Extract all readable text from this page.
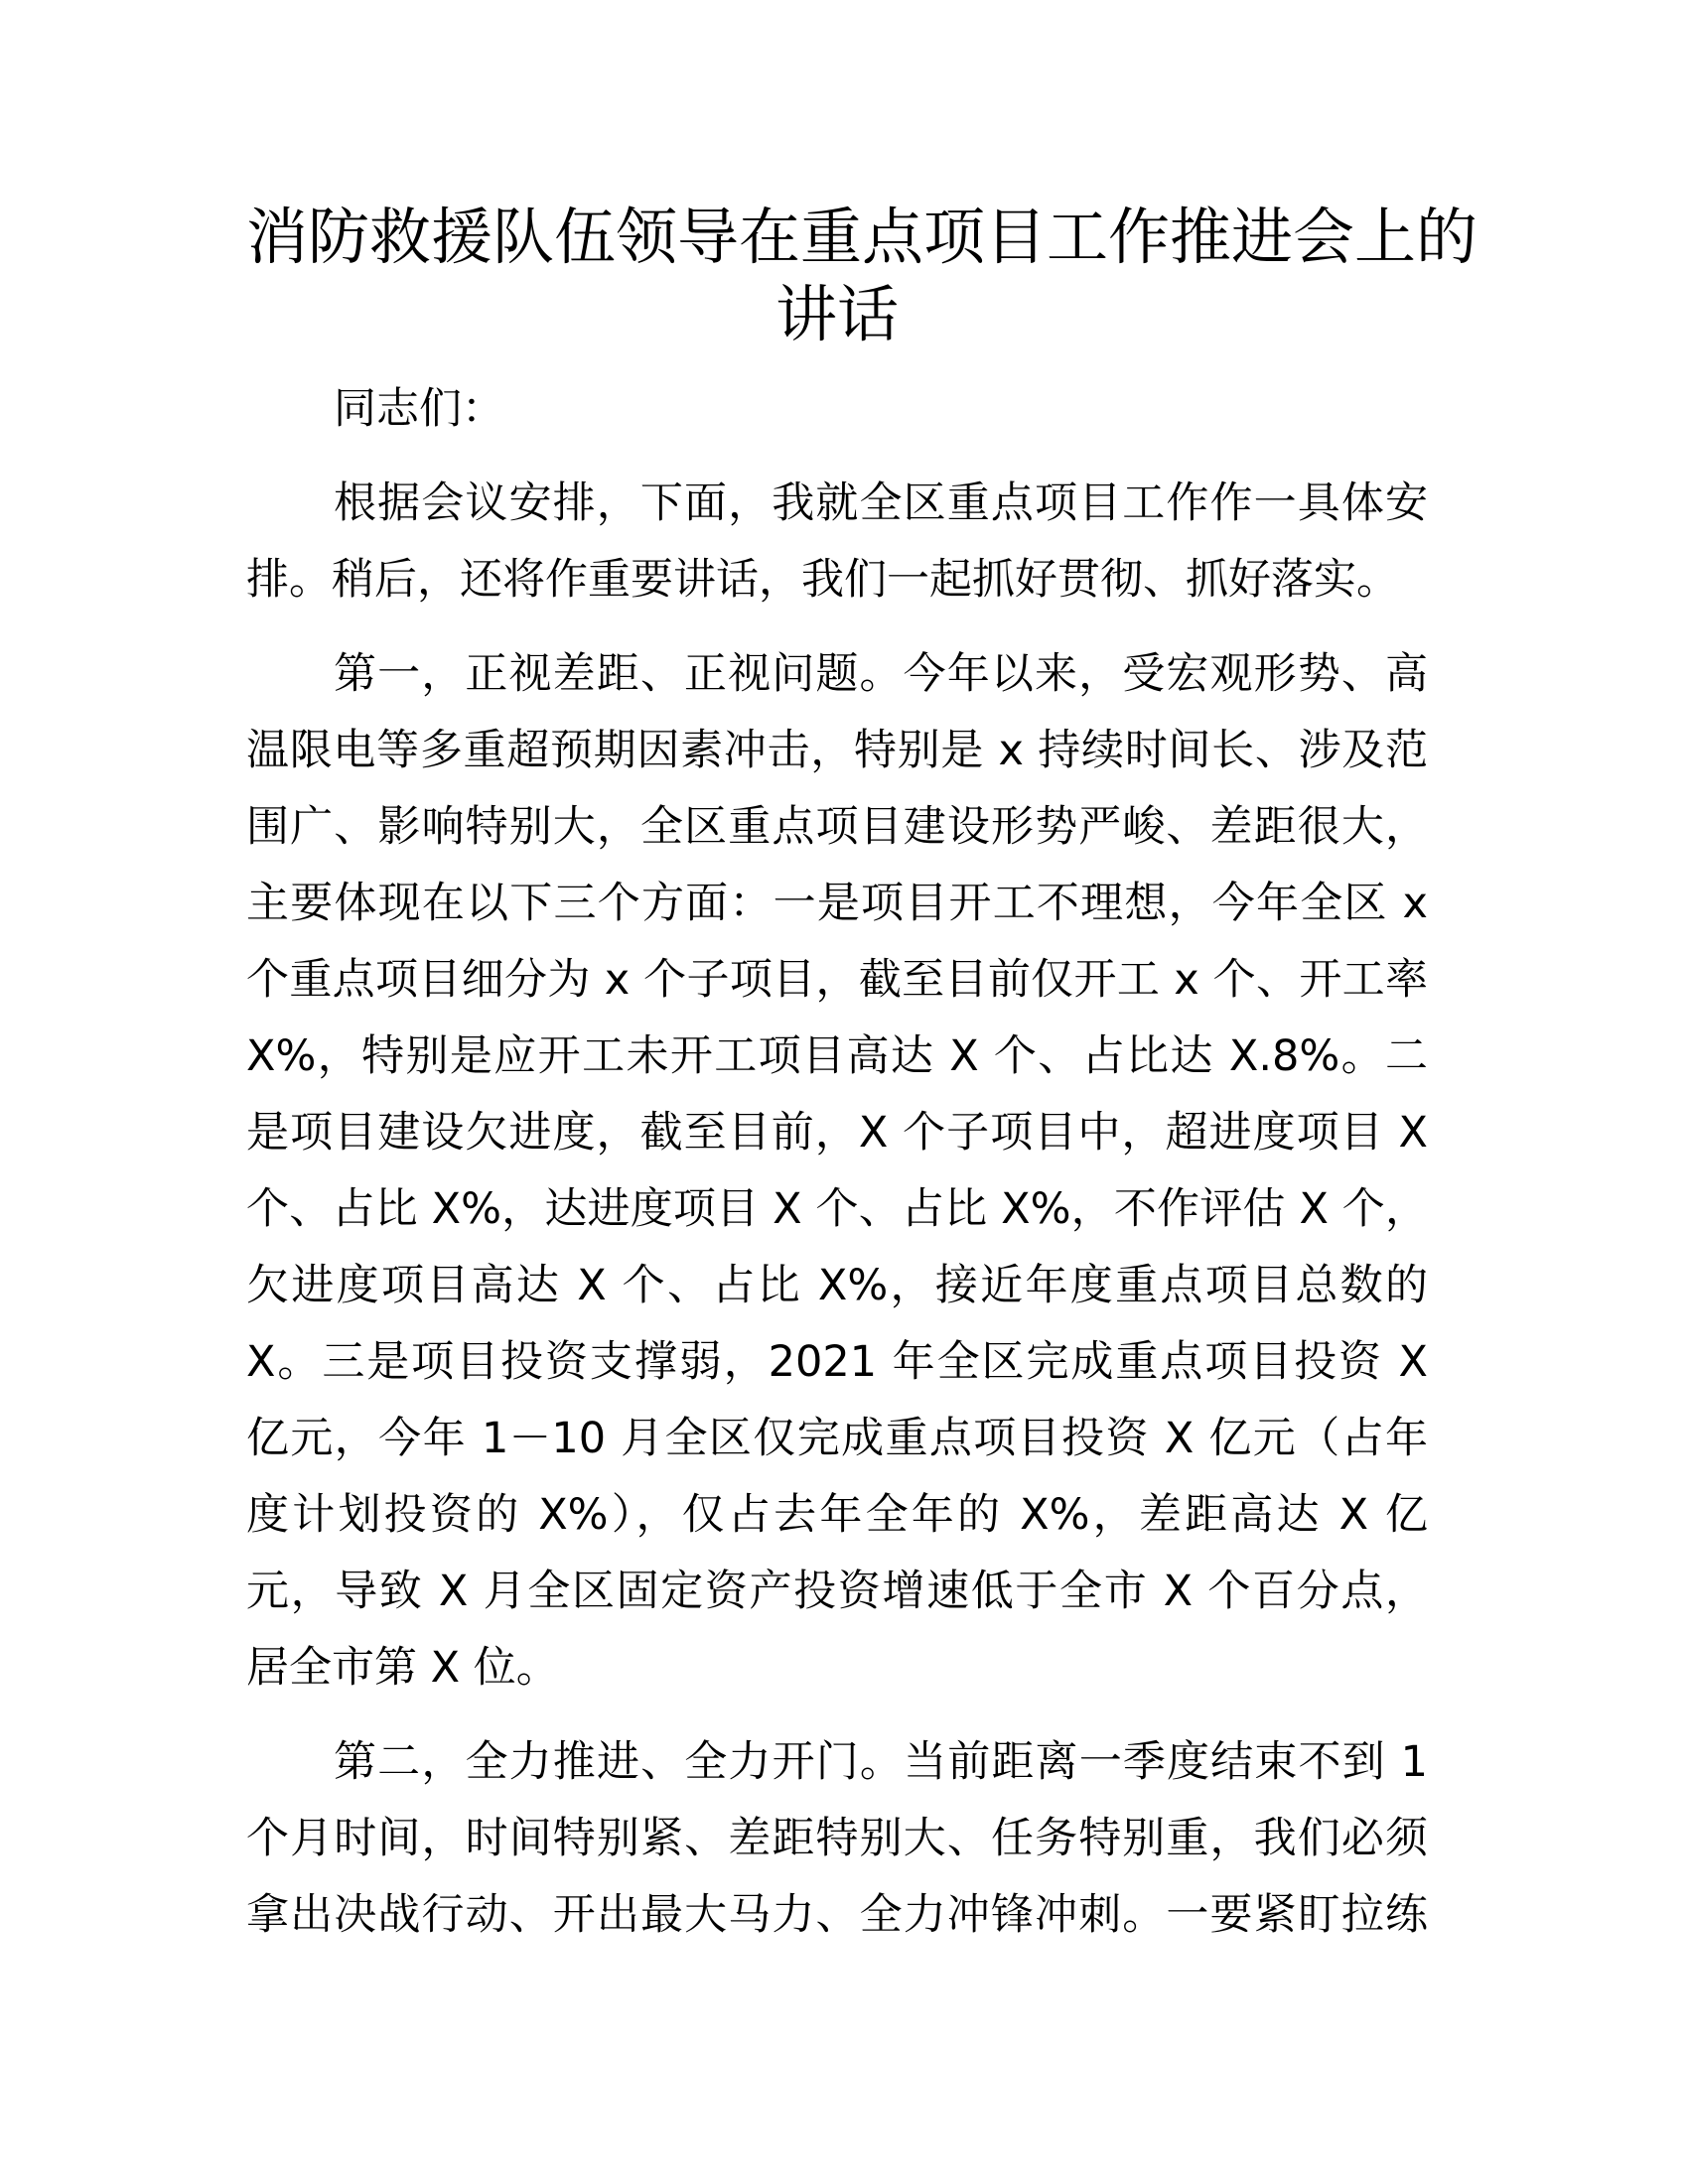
消防救援队伍领导在重点项目工作推进会上的
讲话
同志们：
根据会议安排，下面，我就全区重点项目工作作一具体安
排。稍后，还将作重要讲话，我们一起抓好贯彻、抓好落实。
第一，正视差距、正视问题。今年以来，受宏观形势、高
温限电等多重超预期因素冲击，特别是 x 持续时间长、涉及范
围广、影响特别大，全区重点项目建设形势严峻、差距很大，
主要体现在以下三个方面：一是项目开工不理想，今年全区 x
个重点项目细分为 x 个子项目，截至目前仅开工 x 个、开工率
X%，特别是应开工未开工项目高达 X 个、占比达 X.8%。二
是项目建设欠进度，截至目前，X 个子项目中，超进度项目 X
个、占比 X%，达进度项目 X 个、占比 X%，不作评估 X 个，
欠进度项目高达 X 个、占比 X%，接近年度重点项目总数的
X。三是项目投资支撑弱，2021 年全区完成重点项目投资 X
亿元，今年 1－10 月全区仅完成重点项目投资 X 亿元（占年
度计划投资的 X%），仅占去年全年的 X%，差距高达 X 亿
元，导致 X 月全区固定资产投资增速低于全市 X 个百分点，
居全市第 X 位。
第二，全力推进、全力开门。当前距离一季度结束不到 1
个月时间，时间特别紧、差距特别大、任务特别重，我们必须
拿出决战行动、开出最大马力、全力冲锋冲刺。一要紧盯拉练
